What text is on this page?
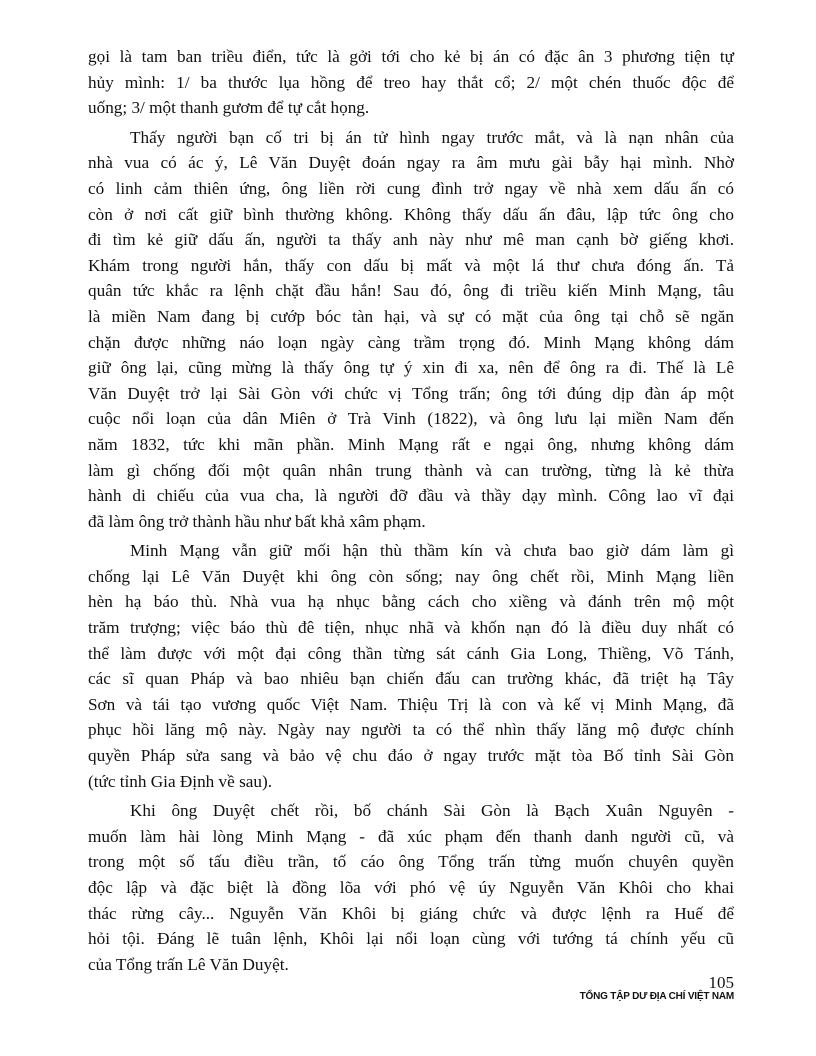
gọi là tam ban triều điển, tức là gởi tới cho kẻ bị án có đặc ân 3 phương tiện tự
hủy mình: 1/ ba thước lụa hồng để treo hay thắt cổ; 2/ một chén thuốc độc để
uống; 3/ một thanh gươm để tự cắt họng.
Thấy người bạn cố tri bị án tử hình ngay trước mắt, và là nạn nhân của
nhà vua có ác ý, Lê Văn Duyệt đoán ngay ra âm mưu gài bẫy hại mình. Nhờ
có linh cảm thiên ứng, ông liền rời cung đình trở ngay về nhà xem dấu ấn có
còn ở nơi cất giữ bình thường không. Không thấy dấu ấn đâu, lập tức ông cho
đi tìm kẻ giữ dấu ấn, người ta thấy anh này như mê man cạnh bờ giếng khơi.
Khám trong người hắn, thấy con dấu bị mất và một lá thư chưa đóng ấn. Tả
quân tức khắc ra lệnh chặt đầu hắn! Sau đó, ông đi triều kiến Minh Mạng, tâu
là miền Nam đang bị cướp bóc tàn hại, và sự có mặt của ông tại chỗ sẽ ngăn
chặn được những náo loạn ngày càng trầm trọng đó. Minh Mạng không dám
giữ ông lại, cũng mừng là thấy ông tự ý xin đi xa, nên để ông ra đi. Thế là Lê
Văn Duyệt trở lại Sài Gòn với chức vị Tổng trấn; ông tới đúng dịp đàn áp một
cuộc nổi loạn của dân Miên ở Trà Vinh (1822), và ông lưu lại miền Nam đến
năm 1832, tức khi mãn phần. Minh Mạng rất e ngại ông, nhưng không dám
làm gì chống đối một quân nhân trung thành và can trường, từng là kẻ thừa
hành di chiếu của vua cha, là người đỡ đầu và thầy dạy mình. Công lao vĩ đại
đã làm ông trở thành hầu như bất khả xâm phạm.
Minh Mạng vẫn giữ mối hận thù thầm kín và chưa bao giờ dám làm gì
chống lại Lê Văn Duyệt khi ông còn sống; nay ông chết rồi, Minh Mạng liền
hèn hạ báo thù. Nhà vua hạ nhục bằng cách cho xiềng và đánh trên mộ một
trăm trượng; việc báo thù đê tiện, nhục nhã và khốn nạn đó là điều duy nhất có
thể làm được với một đại công thần từng sát cánh Gia Long, Thiềng, Võ Tánh,
các sĩ quan Pháp và bao nhiêu bạn chiến đấu can trường khác, đã triệt hạ Tây
Sơn và tái tạo vương quốc Việt Nam. Thiệu Trị là con và kế vị Minh Mạng, đã
phục hồi lăng mộ này. Ngày nay người ta có thể nhìn thấy lăng mộ được chính
quyền Pháp sửa sang và bảo vệ chu đáo ở ngay trước mặt tòa Bố tỉnh Sài Gòn
(tức tỉnh Gia Định về sau).
Khi ông Duyệt chết rồi, bố chánh Sài Gòn là Bạch Xuân Nguyên -
muốn làm hài lòng Minh Mạng - đã xúc phạm đến thanh danh người cũ, và
trong một số tấu điều trần, tố cáo ông Tổng trấn từng muốn chuyên quyền
độc lập và đặc biệt là đồng lõa với phó vệ úy Nguyễn Văn Khôi cho khai
thác rừng cây... Nguyễn Văn Khôi bị giáng chức và được lệnh ra Huế để
hỏi tội. Đáng lẽ tuân lệnh, Khôi lại nổi loạn cùng với tướng tá chính yếu cũ
của Tổng trấn Lê Văn Duyệt.
105
TỔNG TẬP DƯ ĐỊA CHÍ VIỆT NAM
